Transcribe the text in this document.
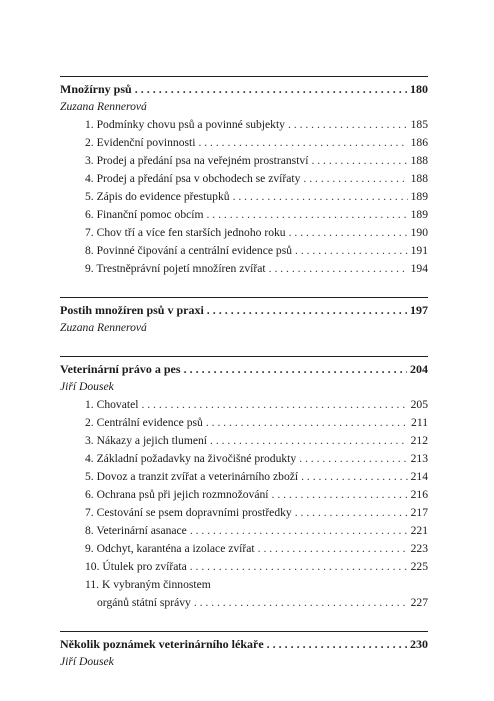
Množírny psů . . .	180
Zuzana Rennerová
1. Podmínky chovu psů a povinné subjekty . . .	185
2. Evidenční povinnosti . . .	186
3. Prodej a předání psa na veřejném prostranství . . .	188
4. Prodej a předání psa v obchodech se zvířaty . . .	188
5. Zápis do evidence přestupků . . .	189
6. Finanční pomoc obcím . . .	189
7. Chov tří a více fen starších jednoho roku . . .	190
8. Povinné čipování a centrální evidence psů . . .	191
9. Trestněprávní pojetí množíren zvířat . . .	194
Postih množíren psů v praxi . . .	197
Zuzana Rennerová
Veterinární právo a pes . . .	204
Jiří Dousek
1. Chovatel . . .	205
2. Centrální evidence psů . . .	211
3. Nákazy a jejich tlumení . . .	212
4. Základní požadavky na živočišné produkty . . .	213
5. Dovoz a tranzit zvířat a veterinárního zboží . . .	214
6. Ochrana psů při jejich rozmnožování . . .	216
7. Cestování se psem dopravními prostředky . . .	217
8. Veterinární asanace . . .	221
9. Odchyt, karanténa a izolace zvířat . . .	223
10. Útulek pro zvířata . . .	225
11. K vybraným činnostem
orgánů státní správy . . .	227
Několik poznámek veterinárního lékaře . . .	230
Jiří Dousek
